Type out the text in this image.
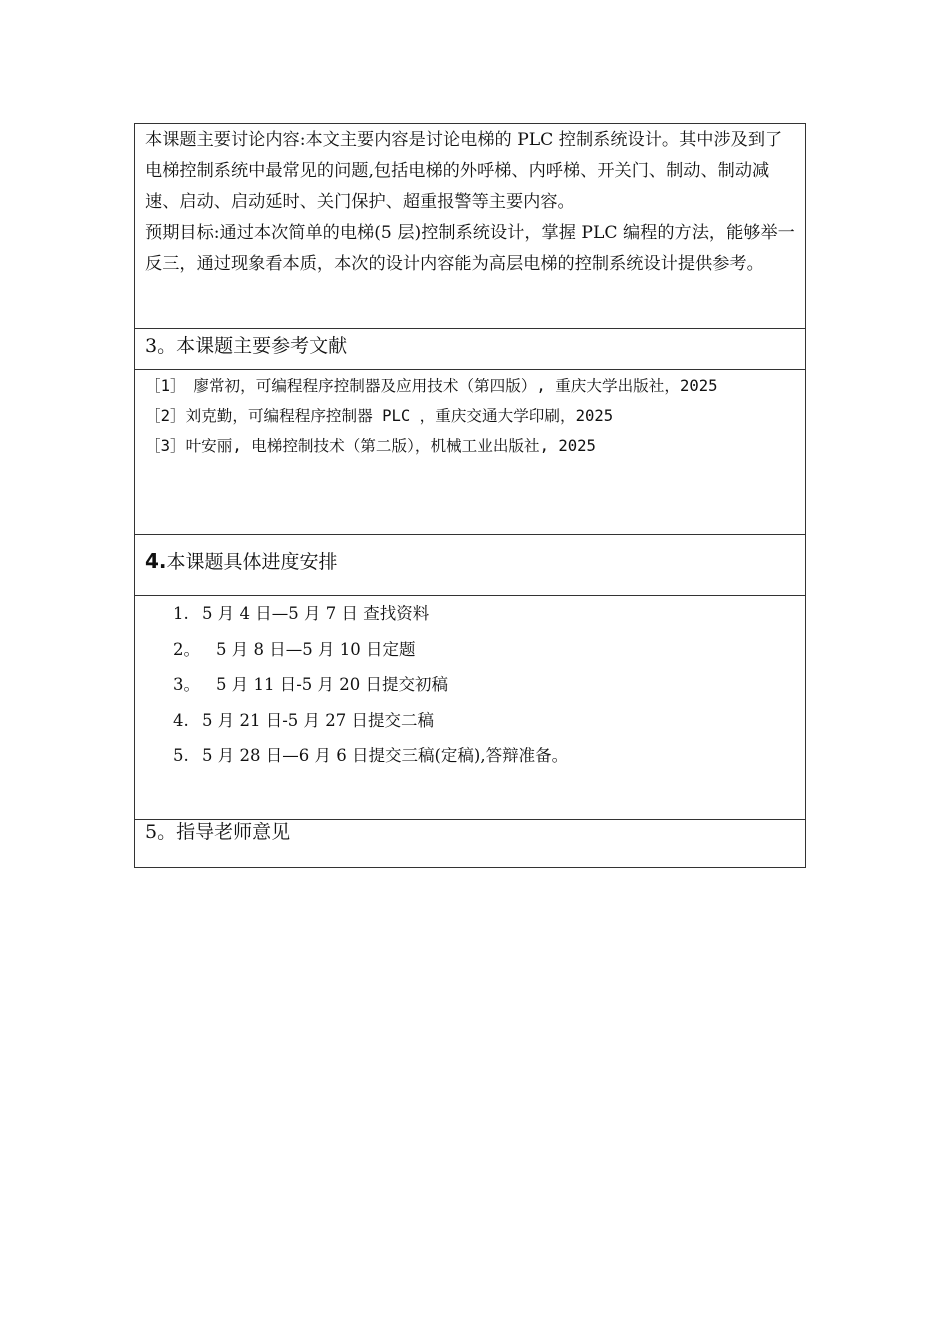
本课题主要讨论内容:本文主要内容是讨论电梯的 PLC 控制系统设计。其中涉及到了电梯控制系统中最常见的问题,包括电梯的外呼梯、内呼梯、开关门、制动、制动减速、启动、启动延时、关门保护、超重报警等主要内容。

预期目标:通过本次简单的电梯(5 层)控制系统设计，掌握 PLC 编程的方法，能够举一反三，通过现象看本质，本次的设计内容能为高层电梯的控制系统设计提供参考。

3。本课题主要参考文献

［1］　廖常初，可编程程序控制器及应用技术（第四版）, 重庆大学出版社，2025

［2］刘克勤，可编程程序控制器 PLC ，重庆交通大学印刷，2025

［3］叶安丽, 电梯控制技术（第二版），机械工业出版社, 2025

4.本课题具体进度安排
1. 5 月 4 日—5 月 7 日 查找资料
2。 5 月 8 日—5 月 10 日定题
3。 5 月 11 日-5 月 20 日提交初稿
4. 5 月 21 日-5 月 27 日提交二稿
5. 5 月 28 日—6 月 6 日提交三稿(定稿),答辩准备。
5。指导老师意见
